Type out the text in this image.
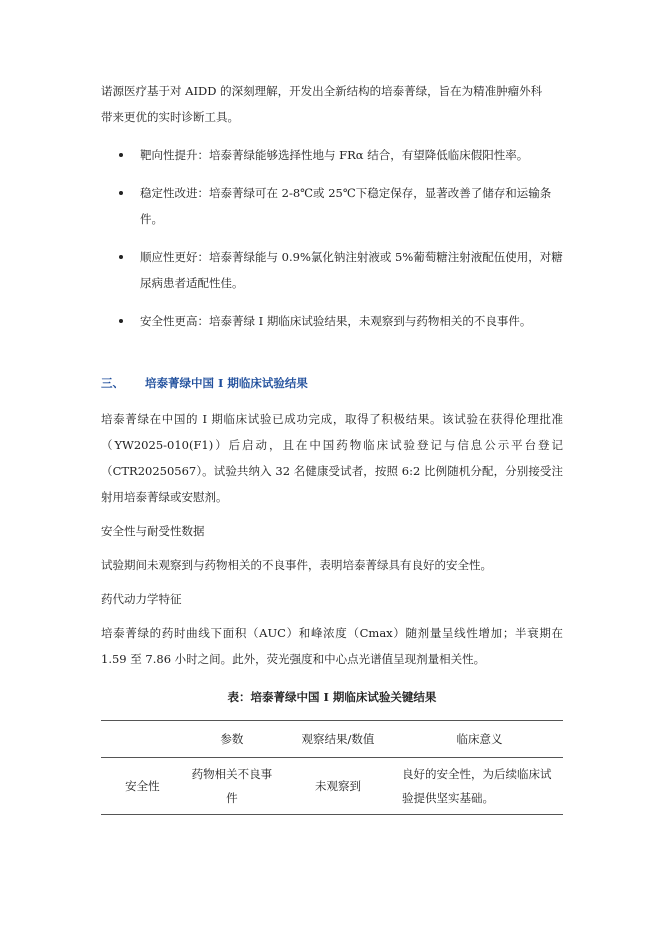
诺源医疗基于对 AIDD 的深刻理解，开发出全新结构的培泰菁绿，旨在为精准肿瘤外科
带来更优的实时诊断工具。

靶向性提升：培泰菁绿能够选择性地与 FRα 结合，有望降低临床假阳性率。
稳定性改进：培泰菁绿可在 2-8℃或 25℃下稳定保存，显著改善了储存和运输条件。
顺应性更好：培泰菁绿能与 0.9%氯化钠注射液或 5%葡萄糖注射液配伍使用，对糖尿病患者适配性佳。
安全性更高：培泰菁绿 I 期临床试验结果，未观察到与药物相关的不良事件。
三、 培泰菁绿中国 I 期临床试验结果

培泰菁绿在中国的 I 期临床试验已成功完成，取得了积极结果。该试验在获得伦理批准（YW2025-010(F1)）后启动，且在中国药物临床试验登记与信息公示平台登记（CTR20250567）。试验共纳入 32 名健康受试者，按照 6:2 比例随机分配，分别接受注射用培泰菁绿或安慰剂。

安全性与耐受性数据

试验期间未观察到与药物相关的不良事件，表明培泰菁绿具有良好的安全性。

药代动力学特征

培泰菁绿的药时曲线下面积（AUC）和峰浓度（Cmax）随剂量呈线性增加；半衰期在 1.59 至 7.86 小时之间。此外，荧光强度和中心点光谱值呈现剂量相关性。

表：培泰菁绿中国 I 期临床试验关键结果
	参数	观察结果/数值	临床意义
安全性	药物相关不良事件	未观察到	良好的安全性，为后续临床试验提供坚实基础。
